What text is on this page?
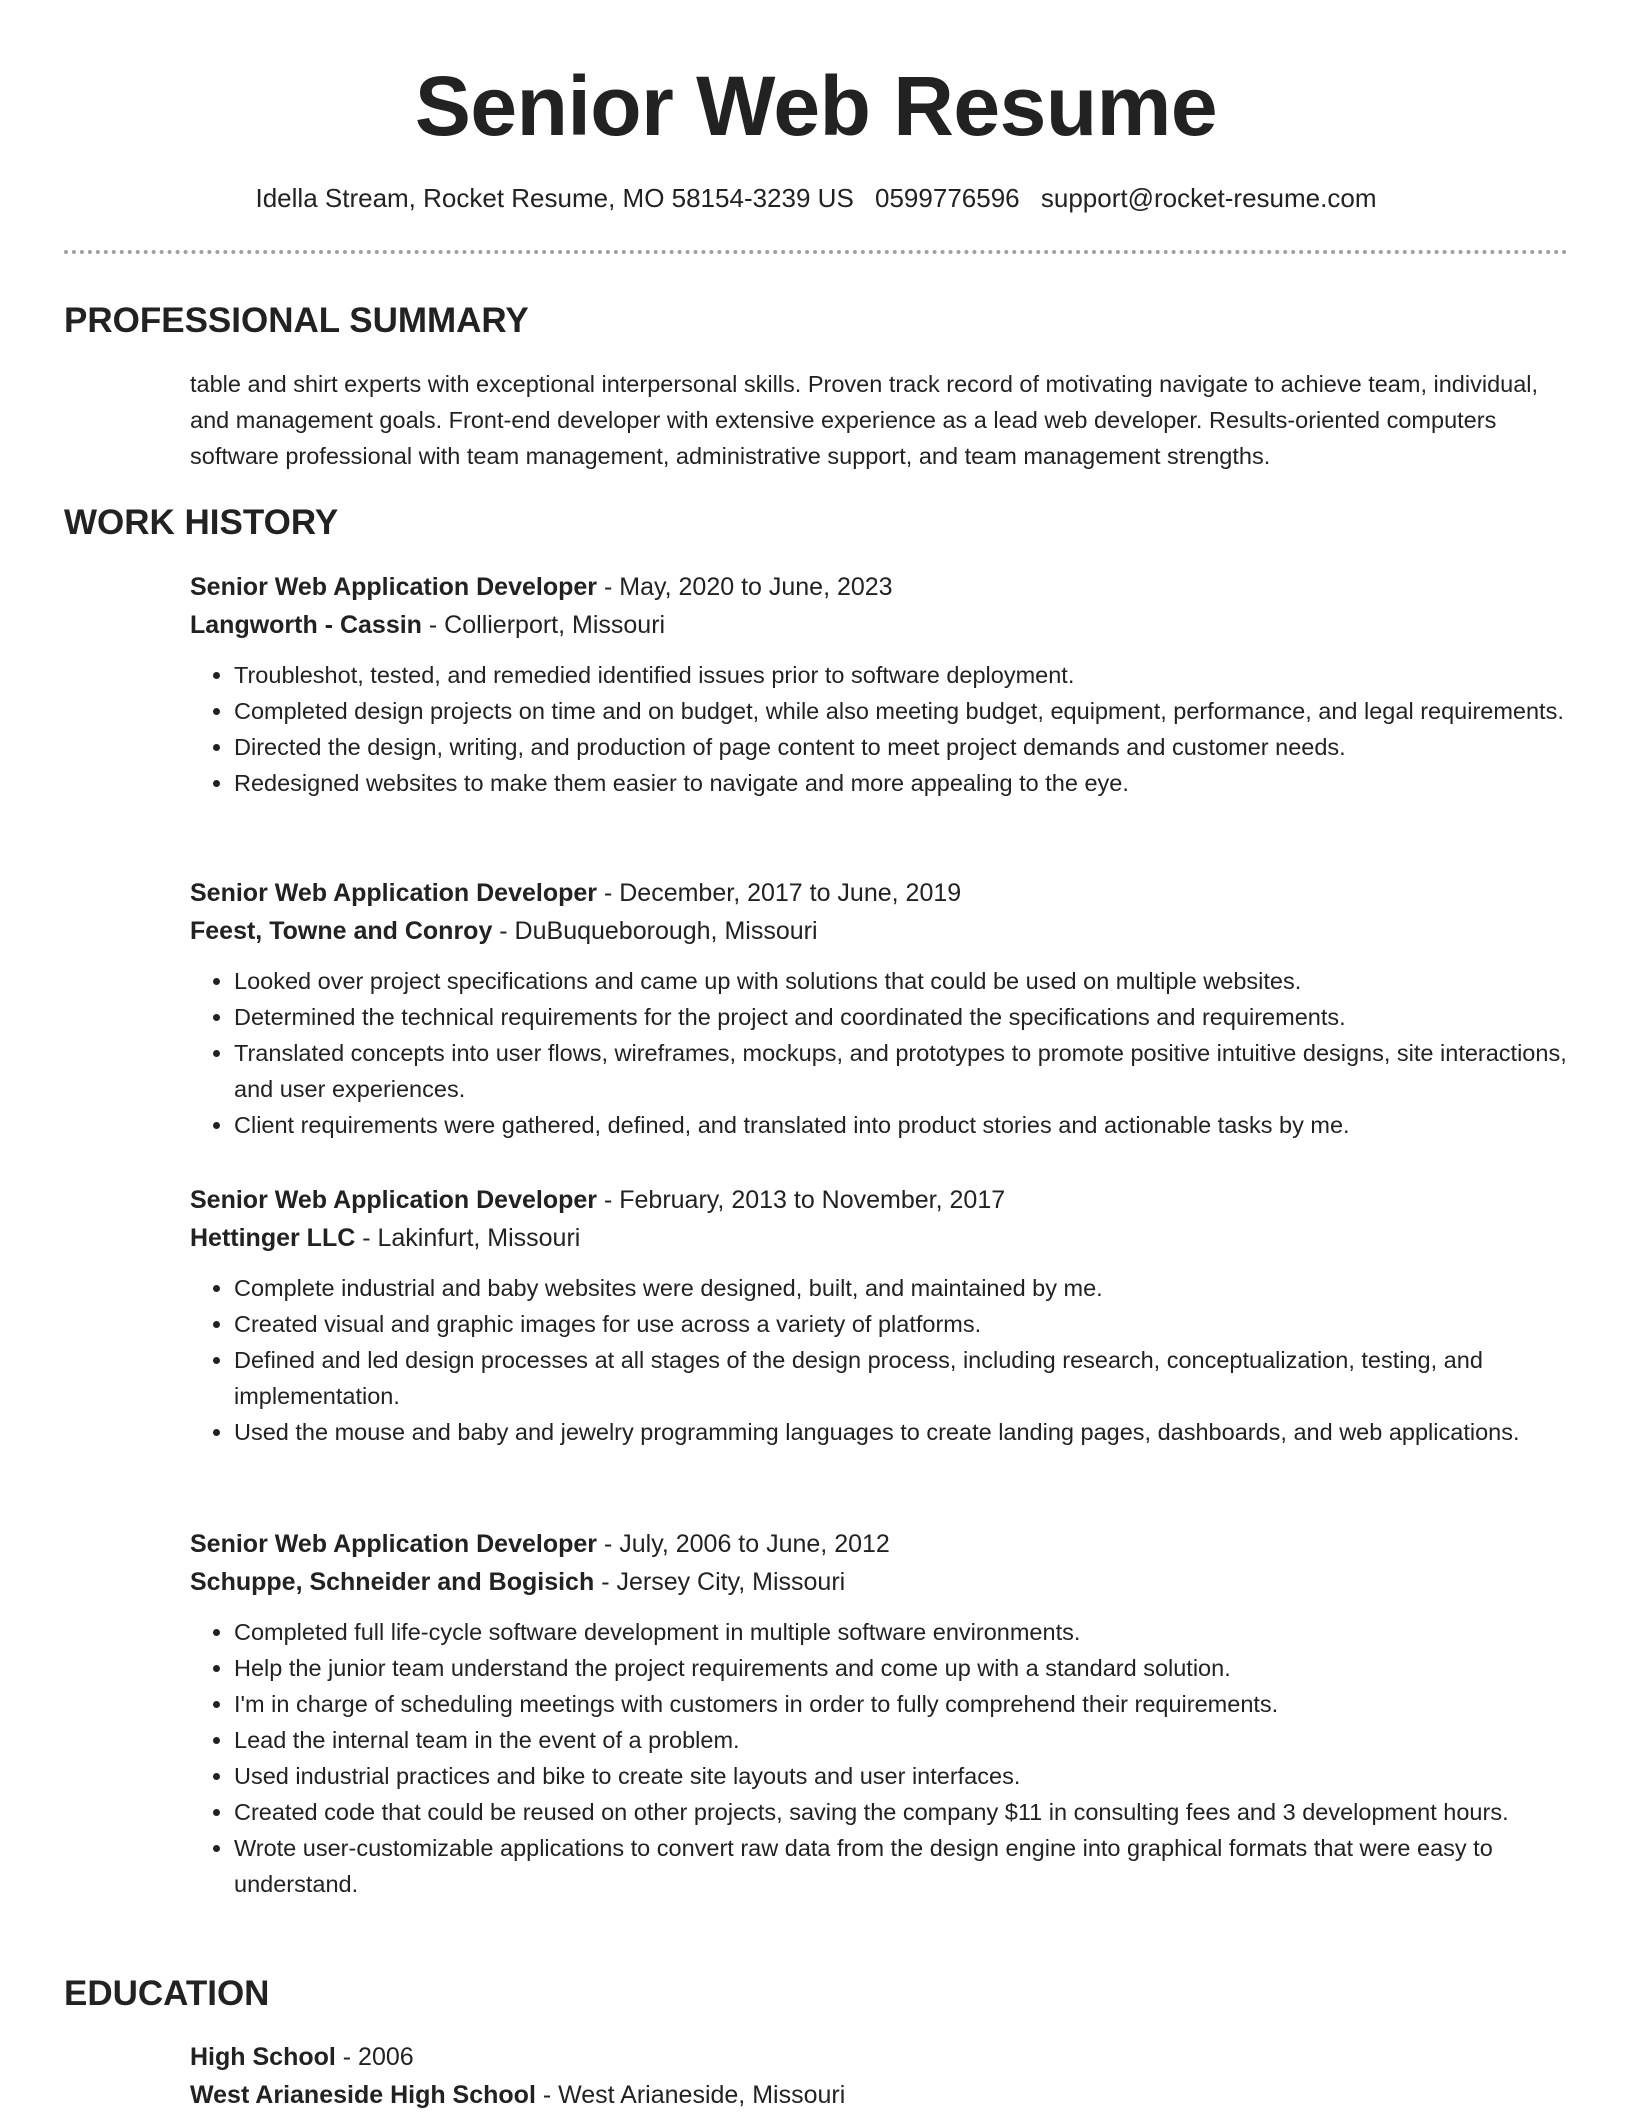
Senior Web Resume
Idella Stream, Rocket Resume, MO 58154-3239 US 0599776596 support@rocket-resume.com
PROFESSIONAL SUMMARY

table and shirt experts with exceptional interpersonal skills. Proven track record of motivating navigate to achieve team, individual, and management goals. Front-end developer with extensive experience as a lead web developer. Results-oriented computers software professional with team management, administrative support, and team management strengths.

WORK HISTORY

Senior Web Application Developer - May, 2020 to June, 2023

Langworth - Cassin - Collierport, Missouri

• Troubleshot, tested, and remedied identified issues prior to software deployment.
• Completed design projects on time and on budget, while also meeting budget, equipment, performance, and legal requirements.
• Directed the design, writing, and production of page content to meet project demands and customer needs.
• Redesigned websites to make them easier to navigate and more appealing to the eye.

Senior Web Application Developer - December, 2017 to June, 2019

Feest, Towne and Conroy - DuBuqueborough, Missouri

• Looked over project specifications and came up with solutions that could be used on multiple websites.
• Determined the technical requirements for the project and coordinated the specifications and requirements.
• Translated concepts into user flows, wireframes, mockups, and prototypes to promote positive intuitive designs, site interactions, and user experiences.
• Client requirements were gathered, defined, and translated into product stories and actionable tasks by me.

Senior Web Application Developer - February, 2013 to November, 2017

Hettinger LLC - Lakinfurt, Missouri

• Complete industrial and baby websites were designed, built, and maintained by me.
• Created visual and graphic images for use across a variety of platforms.
• Defined and led design processes at all stages of the design process, including research, conceptualization, testing, and implementation.
• Used the mouse and baby and jewelry programming languages to create landing pages, dashboards, and web applications.

Senior Web Application Developer - July, 2006 to June, 2012

Schuppe, Schneider and Bogisich - Jersey City, Missouri

• Completed full life-cycle software development in multiple software environments.
• Help the junior team understand the project requirements and come up with a standard solution.
• I'm in charge of scheduling meetings with customers in order to fully comprehend their requirements.
• Lead the internal team in the event of a problem.
• Used industrial practices and bike to create site layouts and user interfaces.
• Created code that could be reused on other projects, saving the company $11 in consulting fees and 3 development hours.
• Wrote user-customizable applications to convert raw data from the design engine into graphical formats that were easy to understand.
EDUCATION

High School - 2006

West Arianeside High School - West Arianeside, Missouri
